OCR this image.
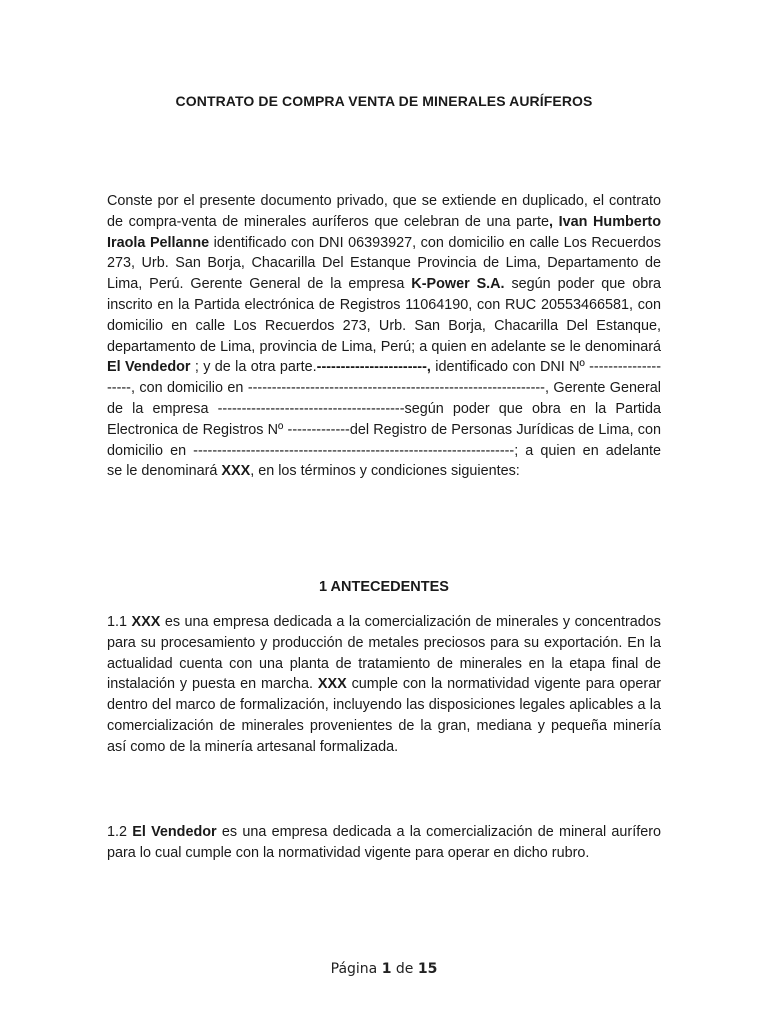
CONTRATO DE COMPRA VENTA DE MINERALES AURÍFEROS

Conste por el presente documento privado, que se extiende en duplicado, el contrato de compra-venta de minerales auríferos que celebran de una parte, Ivan Humberto Iraola Pellanne identificado con DNI 06393927, con domicilio en calle Los Recuerdos 273, Urb. San Borja, Chacarilla Del Estanque Provincia de Lima, Departamento de Lima, Perú. Gerente General de la empresa K-Power S.A. según poder que obra inscrito en la Partida electrónica de Registros 11064190, con RUC 20553466581, con domicilio en calle Los Recuerdos 273, Urb. San Borja, Chacarilla Del Estanque, departamento de Lima, provincia de Lima, Perú; a quien en adelante se le denominará El Vendedor ; y de la otra parte.-----------------------, identificado con DNI Nº --------------------, con domicilio en --------------------------------------------------------------, Gerente General de la empresa ---------------------------------------según poder que obra en la Partida Electronica de Registros Nº -------------del Registro de Personas Jurídicas de Lima, con domicilio en -------------------------------------------------------------------; a quien en adelante se le denominará XXX, en los términos y condiciones siguientes:

1 ANTECEDENTES

1.1 XXX es una empresa dedicada a la comercialización de minerales y concentrados para su procesamiento y producción de metales preciosos para su exportación. En la actualidad cuenta con una planta de tratamiento de minerales en la etapa final de instalación y puesta en marcha. XXX cumple con la normatividad vigente para operar dentro del marco de formalización, incluyendo las disposiciones legales aplicables a la comercialización de minerales provenientes de la gran, mediana y pequeña minería así como de la minería artesanal formalizada.

1.2 El Vendedor es una empresa dedicada a la comercialización de mineral aurífero para lo cual cumple con la normatividad vigente para operar en dicho rubro.

Página 1 de 15
